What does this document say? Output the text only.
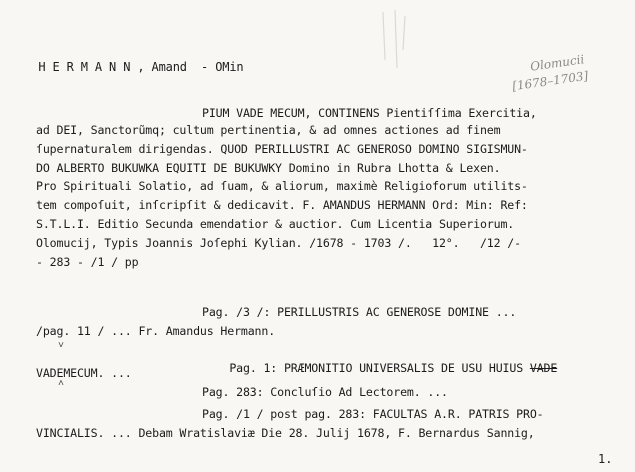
H E R M A N N , Amand - OMin
	Olomucii
[1678–1703]
PIUM VADE MECUM, CONTINENS Pientiſſima Exercitia,
ad DEI, Sanctorũmq; cultum pertinentia, & ad omnes actiones ad finem
ſupernaturalem dirigendas. QUOD PERILLUSTRI AC GENEROSO DOMINO SIGISMUN-
DO ALBERTO BUKUWKA EQUITI DE BUKUWKY Domino in Rubra Lhotta & Lexen.
Pro Spirituali Solatio, ad ſuam, & aliorum, maximè Religioforum utilits-
tem compoſuit, inſcripſit & dedicavit. F. AMANDUS HERMANN Ord: Min: Ref:
S.T.L.I. Editio Secunda emendatior & auctior. Cum Licentia Superiorum.
Olomucij, Typis Joannis Joſephi Kylian. /1678 - 1703 /.   12°.   /12 /-
- 283 - /1 / pp
Pag. /3 /: PERILLUSTRIS AC GENEROSE DOMINE ...
/pag. 11 / ... Fr. Amandus Hermann.
˅

Pag. 1: PRÆMONITIO UNIVERSALIS DE USU HUIUS VADE

VADEMECUM. ...
˄
Pag. 283: Concluſio Ad Lectorem. ...
Pag. /1 / post pag. 283: FACULTAS A.R. PATRIS PRO-
VINCIALIS. ... Debam Wratislaviæ Die 28. Julij 1678, F. Bernardus Sannig,
1.
